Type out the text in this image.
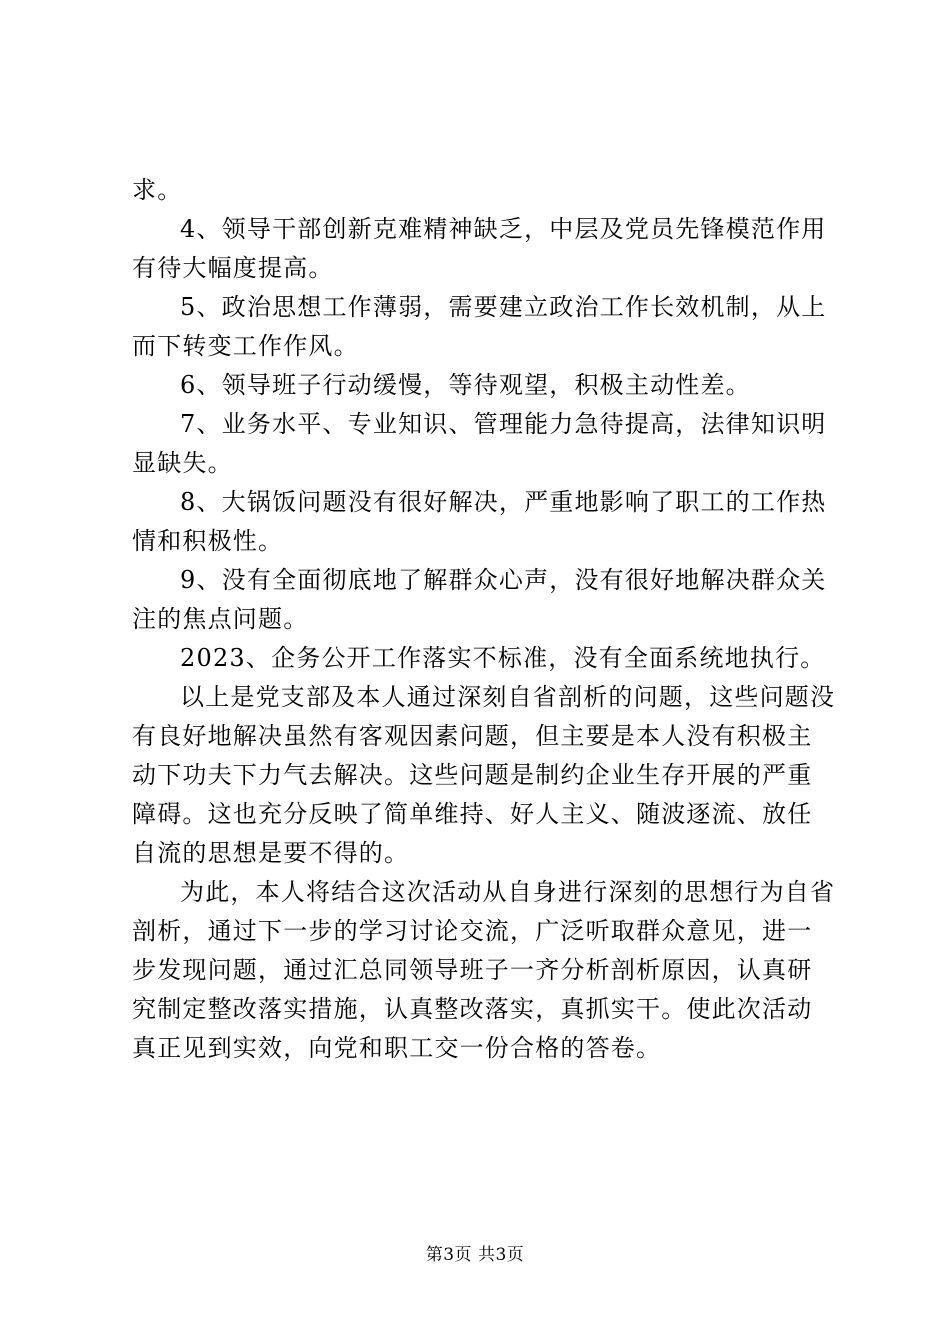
求。
4、领导干部创新克难精神缺乏，中层及党员先锋模范作用
有待大幅度提高。
5、政治思想工作薄弱，需要建立政治工作长效机制，从上
而下转变工作作风。
6、领导班子行动缓慢，等待观望，积极主动性差。
7、业务水平、专业知识、管理能力急待提高，法律知识明
显缺失。
8、大锅饭问题没有很好解决，严重地影响了职工的工作热
情和积极性。
9、没有全面彻底地了解群众心声，没有很好地解决群众关
注的焦点问题。
2023、企务公开工作落实不标准，没有全面系统地执行。
以上是党支部及本人通过深刻自省剖析的问题，这些问题没
有良好地解决虽然有客观因素问题，但主要是本人没有积极主
动下功夫下力气去解决。这些问题是制约企业生存开展的严重
障碍。这也充分反映了简单维持、好人主义、随波逐流、放任
自流的思想是要不得的。
为此，本人将结合这次活动从自身进行深刻的思想行为自省
剖析，通过下一步的学习讨论交流，广泛听取群众意见，进一
步发现问题，通过汇总同领导班子一齐分析剖析原因，认真研
究制定整改落实措施，认真整改落实，真抓实干。使此次活动
真正见到实效，向党和职工交一份合格的答卷。
第3页 共3页
